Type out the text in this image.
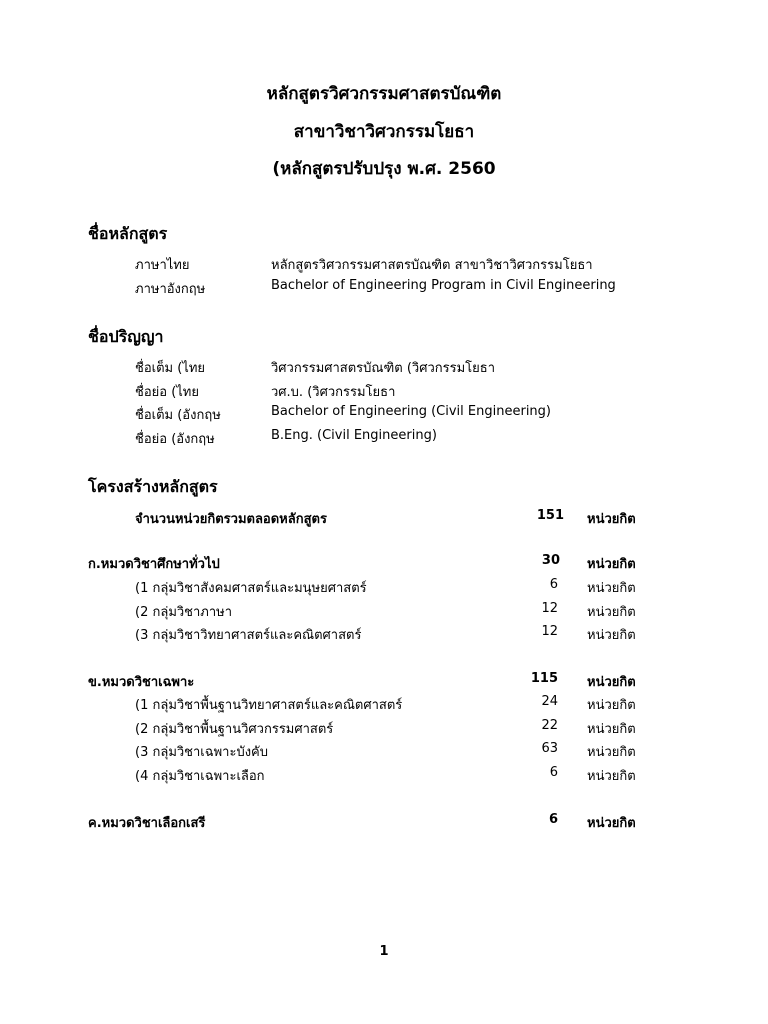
หลักสูตรวิศวกรรมศาสตรบัณฑิต
สาขาวิชาวิศวกรรมโยธา
(หลักสูตรปรับปรุง พ.ศ. 2560
ชื่อหลักสูตร
ภาษาไทย	หลักสูตรวิศวกรรมศาสตรบัณฑิต สาขาวิชาวิศวกรรมโยธา
ภาษาอังกฤษ	Bachelor of Engineering Program in Civil Engineering
ชื่อปริญญา
ชื่อเต็ม (ไทย	วิศวกรรมศาสตรบัณฑิต (วิศวกรรมโยธา
ชื่อย่อ (ไทย	วศ.บ. (วิศวกรรมโยธา
ชื่อเต็ม (อังกฤษ	Bachelor of Engineering (Civil Engineering)
ชื่อย่อ (อังกฤษ	B.Eng. (Civil Engineering)
โครงสร้างหลักสูตร
จำนวนหน่วยกิตรวมตลอดหลักสูตร	151 หน่วยกิต
ก.หมวดวิชาศึกษาทั่วไป	30 หน่วยกิต
(1 กลุ่มวิชาสังคมศาสตร์และมนุษยศาสตร์	6 หน่วยกิต
(2 กลุ่มวิชาภาษา	12 หน่วยกิต
(3 กลุ่มวิชาวิทยาศาสตร์และคณิตศาสตร์	12 หน่วยกิต
ข.หมวดวิชาเฉพาะ	115 หน่วยกิต
(1 กลุ่มวิชาพื้นฐานวิทยาศาสตร์และคณิตศาสตร์	24 หน่วยกิต
(2 กลุ่มวิชาพื้นฐานวิศวกรรมศาสตร์	22 หน่วยกิต
(3 กลุ่มวิชาเฉพาะบังคับ	63 หน่วยกิต
(4 กลุ่มวิชาเฉพาะเลือก	6 หน่วยกิต
ค.หมวดวิชาเลือกเสรี	6 หน่วยกิต
1
